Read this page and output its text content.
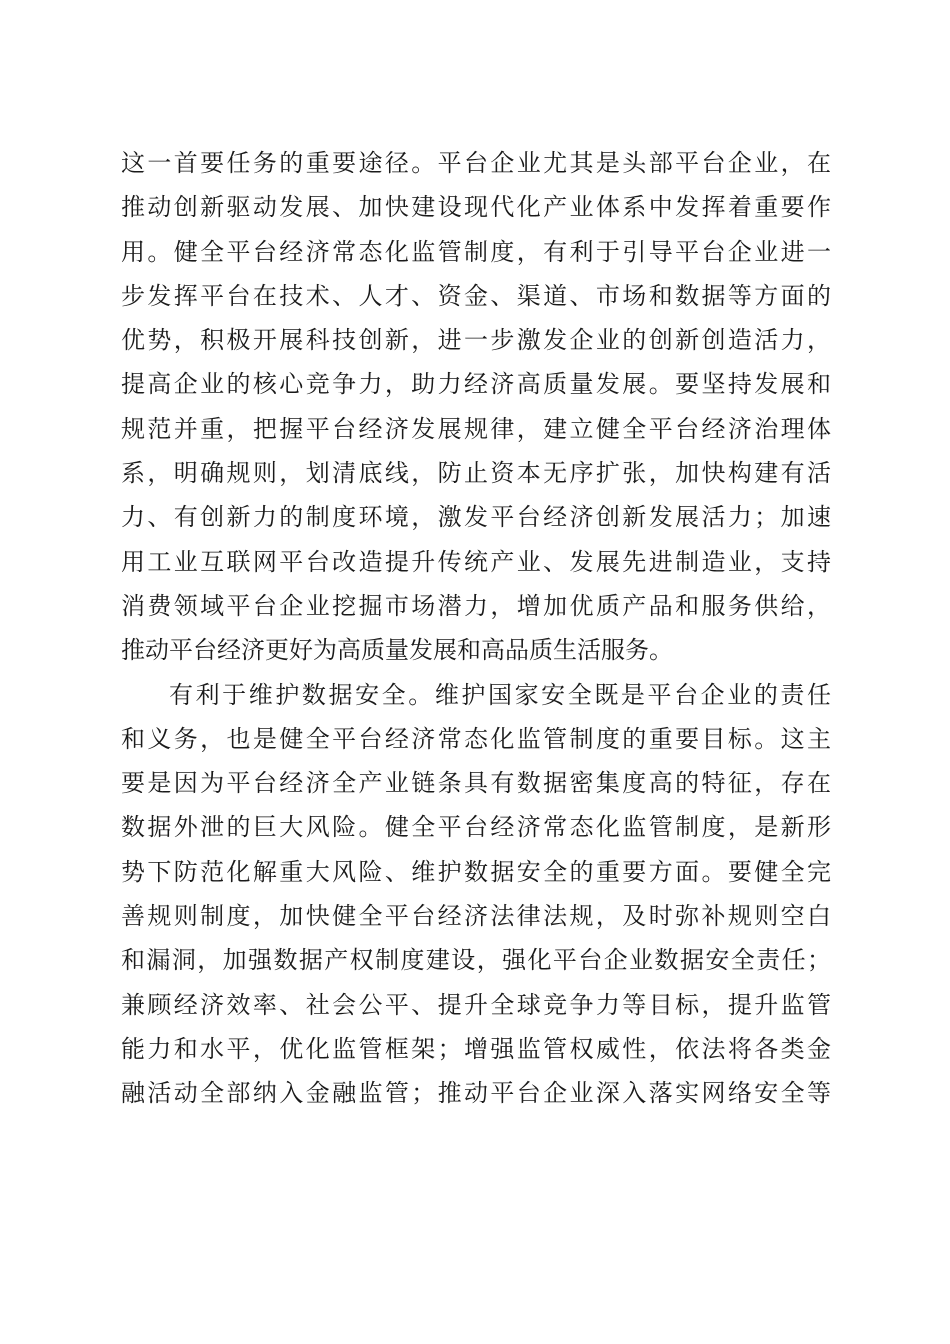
这一首要任务的重要途径。平台企业尤其是头部平台企业，在
推动创新驱动发展、加快建设现代化产业体系中发挥着重要作
用。健全平台经济常态化监管制度，有利于引导平台企业进一
步发挥平台在技术、人才、资金、渠道、市场和数据等方面的
优势，积极开展科技创新，进一步激发企业的创新创造活力，
提高企业的核心竞争力，助力经济高质量发展。要坚持发展和
规范并重，把握平台经济发展规律，建立健全平台经济治理体
系，明确规则，划清底线，防止资本无序扩张，加快构建有活
力、有创新力的制度环境，激发平台经济创新发展活力；加速
用工业互联网平台改造提升传统产业、发展先进制造业，支持
消费领域平台企业挖掘市场潜力，增加优质产品和服务供给，
推动平台经济更好为高质量发展和高品质生活服务。
有利于维护数据安全。维护国家安全既是平台企业的责任
和义务，也是健全平台经济常态化监管制度的重要目标。这主
要是因为平台经济全产业链条具有数据密集度高的特征，存在
数据外泄的巨大风险。健全平台经济常态化监管制度，是新形
势下防范化解重大风险、维护数据安全的重要方面。要健全完
善规则制度，加快健全平台经济法律法规，及时弥补规则空白
和漏洞，加强数据产权制度建设，强化平台企业数据安全责任；
兼顾经济效率、社会公平、提升全球竞争力等目标，提升监管
能力和水平，优化监管框架；增强监管权威性，依法将各类金
融活动全部纳入金融监管；推动平台企业深入落实网络安全等
